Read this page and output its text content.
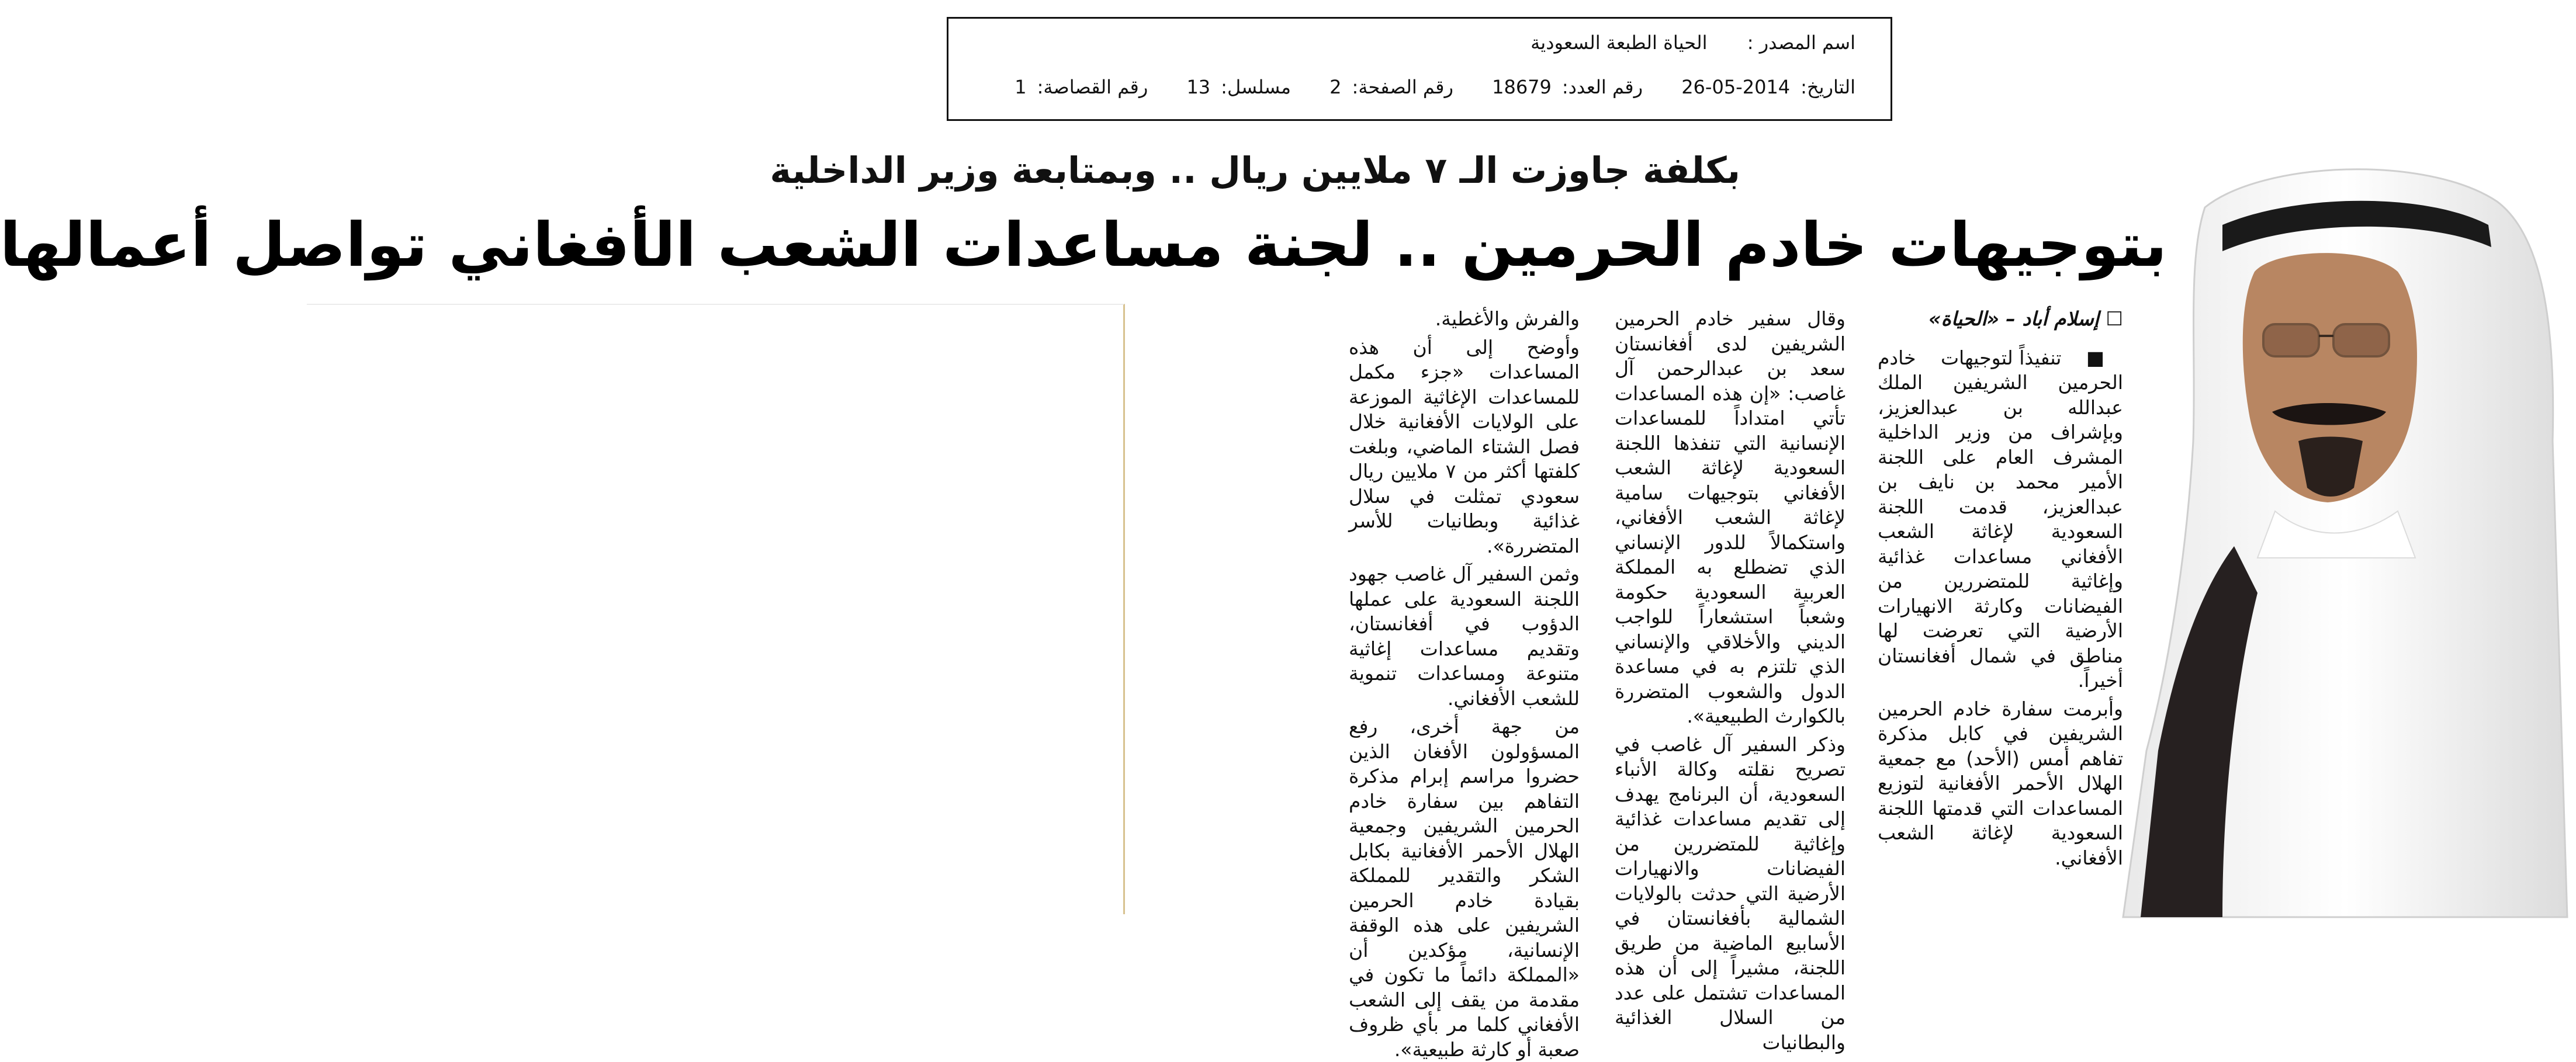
اسم المصدر : الحياة الطبعة السعودية
التاريخ:26-05-2014 رقم العدد:18679 رقم الصفحة:2 مسلسل:13 رقم القصاصة:1
بكلفة جاوزت الـ ٧ ملايين ريال .. وبمتابعة وزير الداخلية
بتوجيهات خادم الحرمين .. لجنة مساعدات الشعب الأفغاني تواصل أعمالها

☐ إسلام أباد – «الحياة»

■ تنفيذاً لتوجيهات خادم الحرمين الشريفين الملك عبدالله بن عبدالعزيز، وبإشراف من وزير الداخلية المشرف العام على اللجنة الأمير محمد بن نايف بن عبدالعزيز، قدمت اللجنة السعودية لإغاثة الشعب الأفغاني مساعدات غذائية وإغاثية للمتضررين من الفيضانات وكارثة الانهيارات الأرضية التي تعرضت لها مناطق في شمال أفغانستان أخيراً.

وأبرمت سفارة خادم الحرمين الشريفين في كابل مذكرة تفاهم أمس (الأحد) مع جمعية الهلال الأحمر الأفغانية لتوزيع المساعدات التي قدمتها اللجنة السعودية لإغاثة الشعب الأفغاني.

وقال سفير خادم الحرمين الشريفين لدى أفغانستان سعد بن عبدالرحمن آل غاصب: «إن هذه المساعدات تأتي امتداداً للمساعدات الإنسانية التي تنفذها اللجنة السعودية لإغاثة الشعب الأفغاني بتوجيهات سامية لإغاثة الشعب الأفغاني، واستكمالاً للدور الإنساني الذي تضطلع به المملكة العربية السعودية حكومة وشعباً استشعاراً للواجب الديني والأخلاقي والإنساني الذي تلتزم به في مساعدة الدول والشعوب المتضررة بالكوارث الطبيعية».

وذكر السفير آل غاصب في تصريح نقلته وكالة الأنباء السعودية، أن البرنامج يهدف إلى تقديم مساعدات غذائية وإغاثية للمتضررين من الفيضانات والانهيارات الأرضية التي حدثت بالولايات الشمالية بأفغانستان في الأسابيع الماضية من طريق اللجنة، مشيراً إلى أن هذه المساعدات تشتمل على عدد من السلال الغذائية والبطانيات

والفرش والأغطية.

وأوضح إلى أن هذه المساعدات «جزء مكمل للمساعدات الإغاثية الموزعة على الولايات الأفغانية خلال فصل الشتاء الماضي، وبلغت كلفتها أكثر من ٧ ملايين ريال سعودي تمثلت في سلال غذائية وبطانيات للأسر المتضررة».

وثمن السفير آل غاصب جهود اللجنة السعودية على عملها الدؤوب في أفغانستان، وتقديم مساعدات إغاثية متنوعة ومساعدات تنموية للشعب الأفغاني.

من جهة أخرى، رفع المسؤولون الأفغان الذين حضروا مراسم إبرام مذكرة التفاهم بين سفارة خادم الحرمين الشريفين وجمعية الهلال الأحمر الأفغانية بكابل الشكر والتقدير للمملكة بقيادة خادم الحرمين الشريفين على هذه الوقفة الإنسانية، مؤكدين أن «المملكة دائماً ما تكون في مقدمة من يقف إلى الشعب الأفغاني كلما مر بأي ظروف صعبة أو كارثة طبيعية».
